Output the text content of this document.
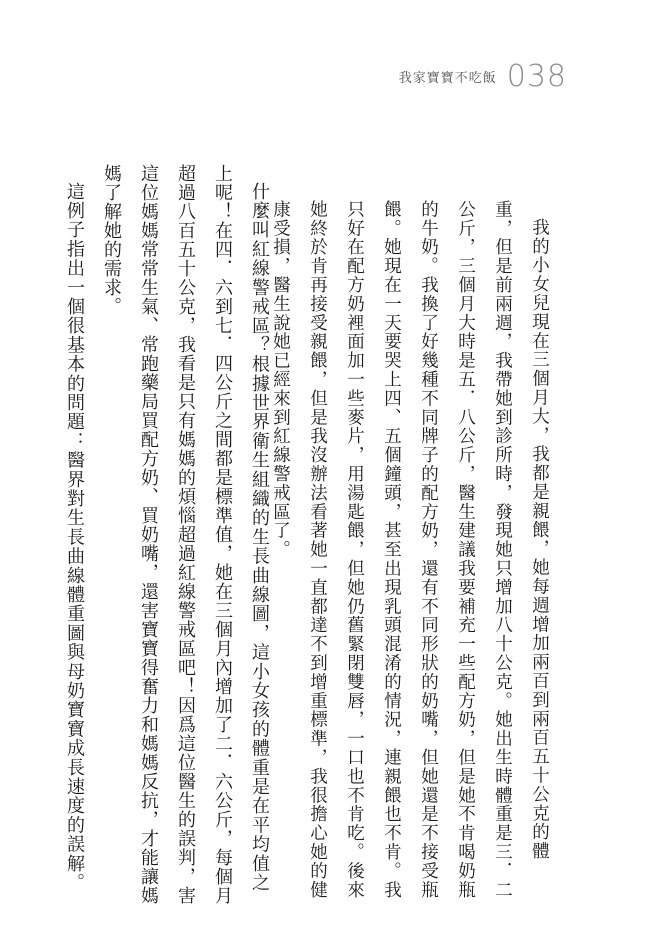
我家寶寶不吃飯 038
我的小女兒現在三個月大，我都是親餵，她每週增加兩百到兩百五十公克的體
重，但是前兩週，我帶她到診所時，發現她只增加八十公克。她出生時體重是三．二
公斤，三個月大時是五．八公斤，醫生建議我要補充一些配方奶，但是她不肯喝奶瓶
的牛奶。我換了好幾種不同牌子的配方奶，還有不同形狀的奶嘴，但她還是不接受瓶
餵。她現在一天要哭上四、五個鐘頭，甚至出現乳頭混淆的情況，連親餵也不肯。我
只好在配方奶裡面加一些麥片，用湯匙餵，但她仍舊緊閉雙唇，一口也不肯吃。後來
她終於肯再接受親餵，但是我沒辦法看著她一直都達不到增重標準，我很擔心她的健
康受損，醫生說她已經來到紅線警戒區了。
什麼叫紅線警戒區？根據世界衛生組織的生長曲線圖，這小女孩的體重是在平均值之
上呢！在四．六到七．四公斤之間都是標準值，她在三個月內增加了二．六公斤，每個月
超過八百五十公克，我看是只有媽媽的煩惱超過紅線警戒區吧！因爲這位醫生的誤判，害
這位媽媽常常生氣、常跑藥局買配方奶、買奶嘴，還害寶寶得奮力和媽媽反抗，才能讓媽
媽了解她的需求。
這例子指出一個很基本的問題：醫界對生長曲線體重圖與母奶寶寶成長速度的誤解。
